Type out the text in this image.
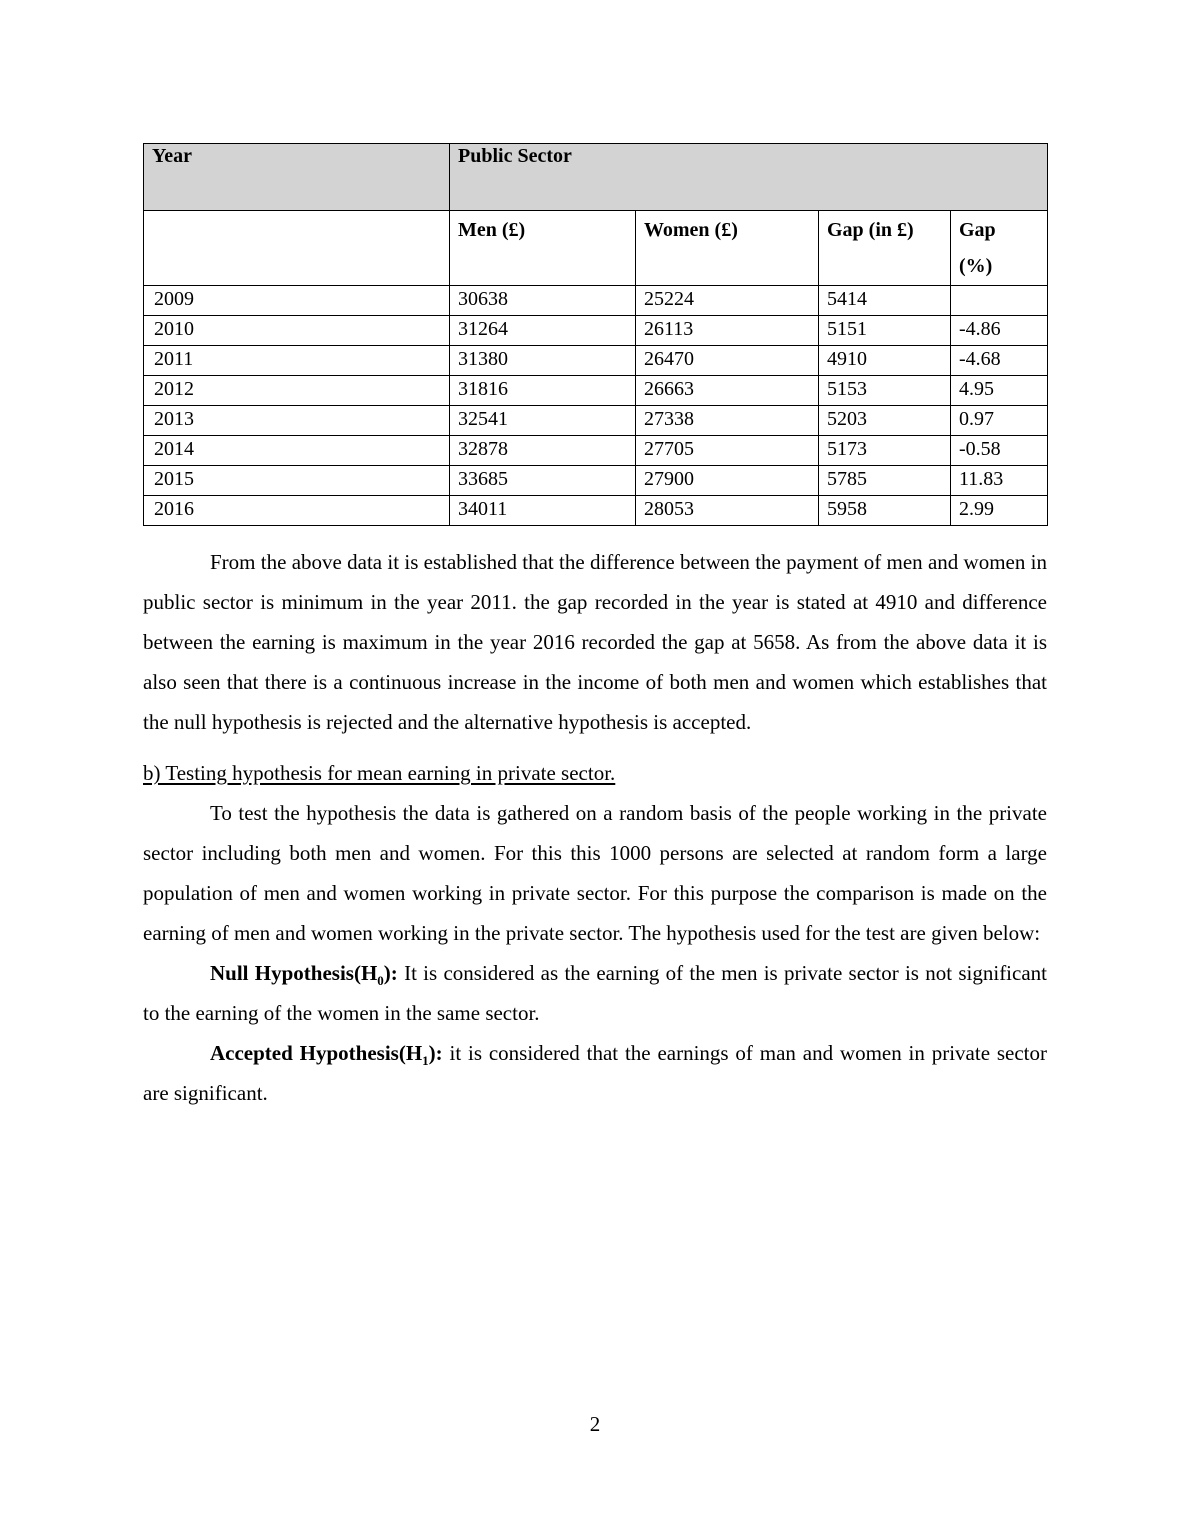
Year	Public Sector			
	Men (£)	Women (£)	Gap (in £)	Gap
(%)

2009	30638	25224	5414	
2010	31264	26113	5151	-4.86
2011	31380	26470	4910	-4.68
2012	31816	26663	5153	4.95
2013	32541	27338	5203	0.97
2014	32878	27705	5173	-0.58
2015	33685	27900	5785	11.83
2016	34011	28053	5958	2.99

From the above data it is established that the difference between the payment of men and women in public sector is minimum in the year 2011. the gap recorded in the year is stated at 4910 and difference between the earning is maximum in the year 2016 recorded the gap at 5658. As from the above data it is also seen that there is a continuous increase in the income of both men and women which establishes that the null hypothesis is rejected and the alternative hypothesis is accepted.

b) Testing hypothesis for mean earning in private sector.

To test the hypothesis the data is gathered on a random basis of the people working in the private sector including both men and women. For this this 1000 persons are selected at random form a large population of men and women working in private sector. For this purpose the comparison is made on the earning of men and women working in the private sector. The hypothesis used for the test are given below:

Null $Hypothesis(H_0)$: It is considered as the earning of the men is private sector is not significant to the earning of the women in the same sector.

Accepted $Hypothesis(H_1)$: it is considered that the earnings of man and women in private sector are significant.

2
